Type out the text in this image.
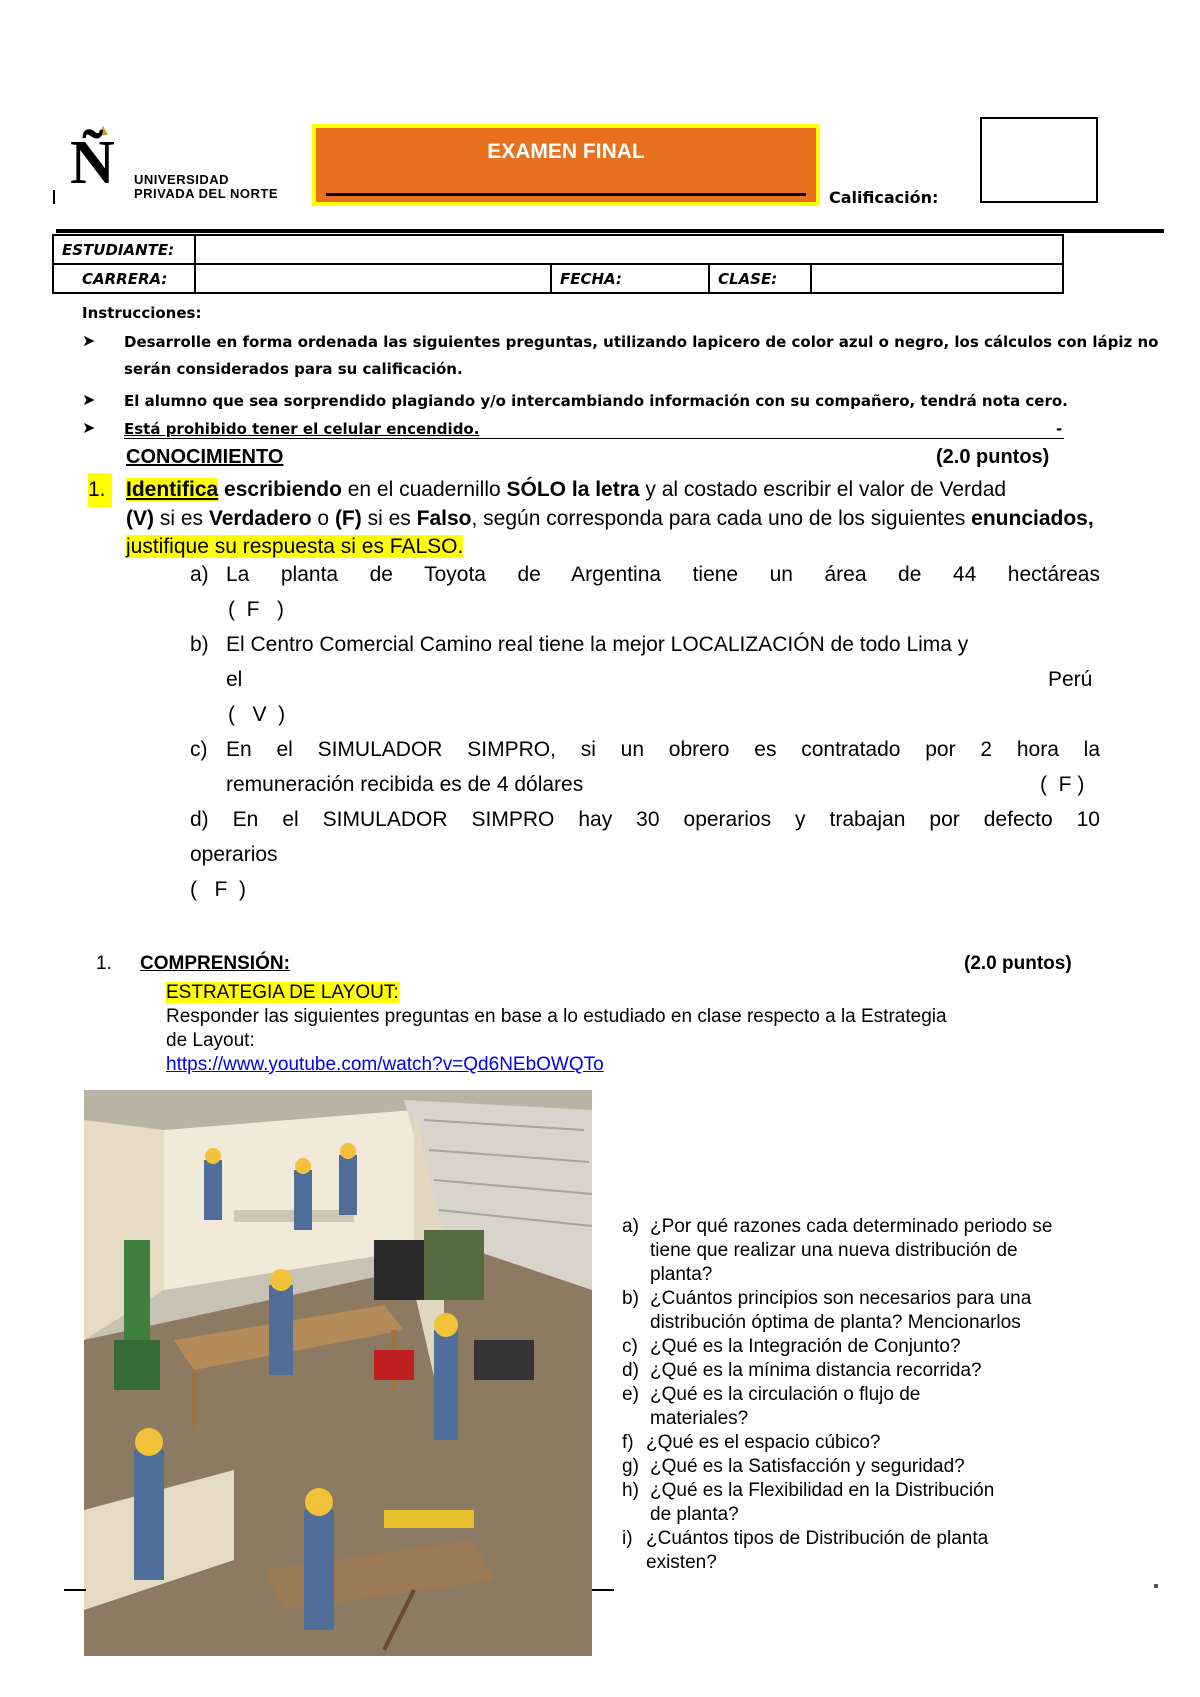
Ñ UNIVERSIDAD
PRIVADA DEL NORTE
EXAMEN FINAL
Calificación:
ESTUDIANTE:				
CARRERA:		FECHA:	CLASE:	
Instrucciones:
➤ Desarrolle en forma ordenada las siguientes preguntas, utilizando lapicero de color azul o negro, los cálculos con lápiz no
serán considerados para su calificación.
➤ El alumno que sea sorprendido plagiando y/o intercambiando información con su compañero, tendrá nota cero.
➤ Está prohibido tener el celular encendido.	-
CONOCIMIENTO	(2.0 puntos)
1. Identifica escribiendo en el cuadernillo SÓLO la letra y al costado escribir el valor de Verdad
(V) si es Verdadero o (F) si es Falso, según corresponda para cada uno de los siguientes enunciados,
justifique su respuesta si es FALSO.
a) La planta de Toyota de Argentina tiene un área de 44 hectáreas
(  F   )
b) El Centro Comercial Camino real tiene la mejor LOCALIZACIÓN de todo Lima y
el	Perú
(   V  )
c) En el SIMULADOR SIMPRO, si un obrero es contratado por 2 hora la
remuneración recibida es de 4 dólares	(  F )
d) En el SIMULADOR SIMPRO hay 30 operarios y trabajan por defecto 10
operarios
(   F  )
1. COMPRENSIÓN:	(2.0 puntos)
ESTRATEGIA DE LAYOUT:
Responder las siguientes preguntas en base a lo estudiado en clase respecto a la Estrategia
de Layout:
https://www.youtube.com/watch?v=Qd6NEbOWQTo
a) ¿Por qué razones cada determinado periodo se
tiene que realizar una nueva distribución de
planta?
b) ¿Cuántos principios son necesarios para una
distribución óptima de planta? Mencionarlos
c) ¿Qué es la Integración de Conjunto?
d) ¿Qué es la mínima distancia recorrida?
e) ¿Qué es la circulación o flujo de
materiales?
f) ¿Qué es el espacio cúbico?
g) ¿Qué es la Satisfacción y seguridad?
h) ¿Qué es la Flexibilidad en la Distribución
de planta?
i) ¿Cuántos tipos de Distribución de planta
existen?
